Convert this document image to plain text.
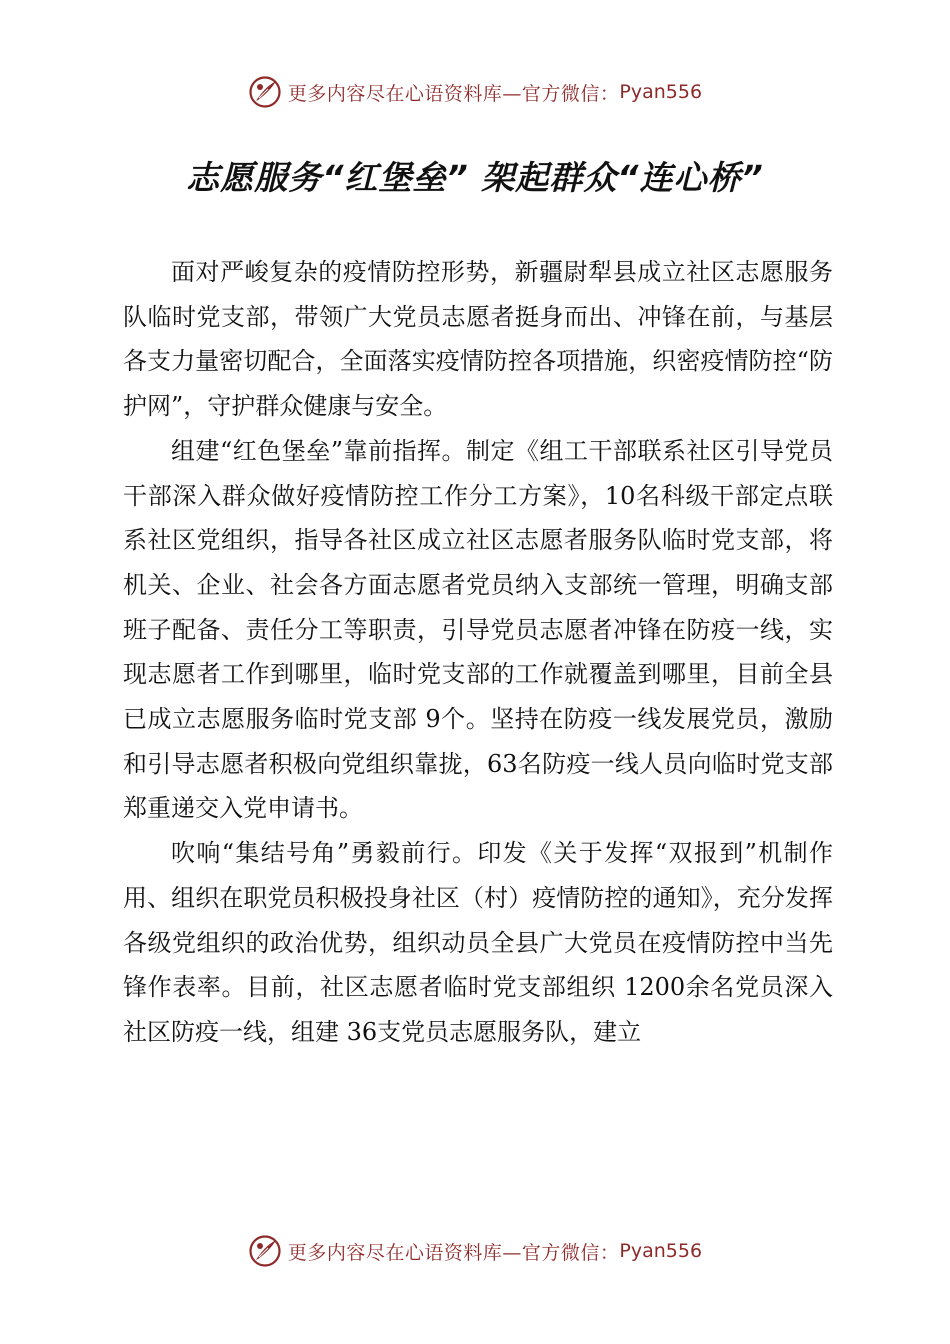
更多内容尽在心语资料库—官方微信： Pyan556
志愿服务“红堡垒” 架起群众“连心桥”

面对严峻复杂的疫情防控形势，新疆尉犁县成立社区志愿服务队临时党支部，带领广大党员志愿者挺身而出、冲锋在前，与基层各支力量密切配合，全面落实疫情防控各项措施，织密疫情防控“防护网”，守护群众健康与安全。

组建“红色堡垒”靠前指挥。制定《组工干部联系社区引导党员干部深入群众做好疫情防控工作分工方案》，10名科级干部定点联系社区党组织，指导各社区成立社区志愿者服务队临时党支部，将机关、企业、社会各方面志愿者党员纳入支部统一管理，明确支部班子配备、责任分工等职责，引导党员志愿者冲锋在防疫一线，实现志愿者工作到哪里，临时党支部的工作就覆盖到哪里，目前全县已成立志愿服务临时党支部 9个。坚持在防疫一线发展党员，激励和引导志愿者积极向党组织靠拢，63名防疫一线人员向临时党支部郑重递交入党申请书。

吹响“集结号角”勇毅前行。印发《关于发挥“双报到”机制作用、组织在职党员积极投身社区（村）疫情防控的通知》，充分发挥各级党组织的政治优势，组织动员全县广大党员在疫情防控中当先锋作表率。目前，社区志愿者临时党支部组织 1200余名党员深入社区防疫一线，组建 36支党员志愿服务队，建立

更多内容尽在心语资料库—官方微信： Pyan556
